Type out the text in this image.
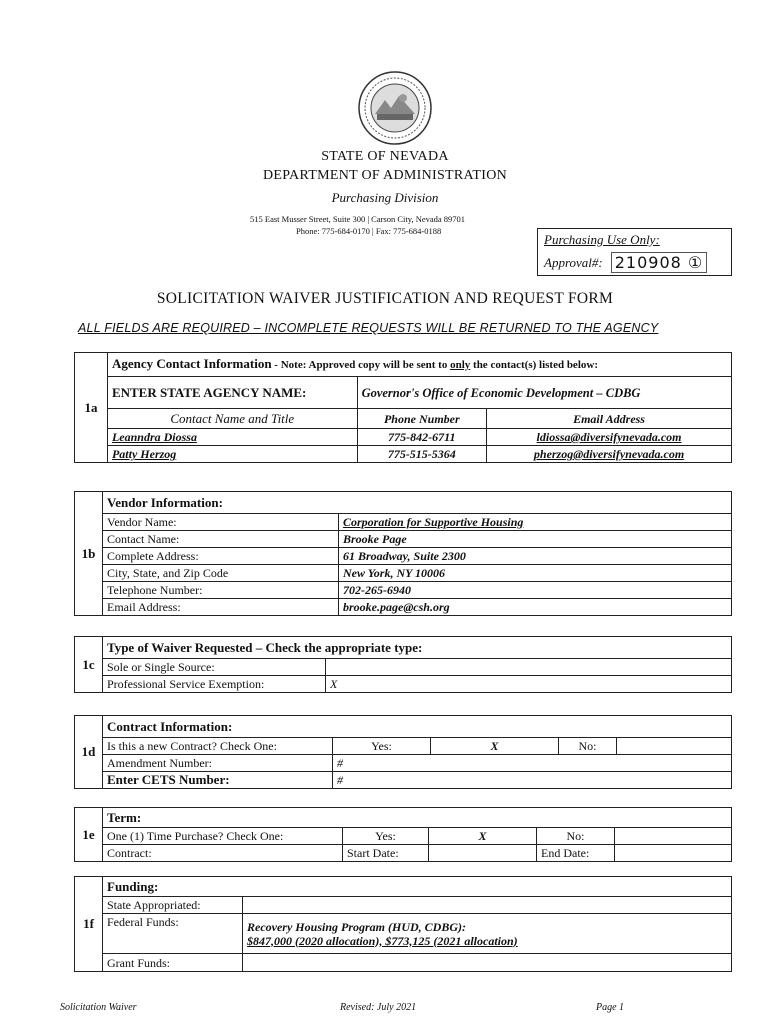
STATE OF NEVADA
DEPARTMENT OF ADMINISTRATION
Purchasing Division
515 East Musser Street, Suite 300 | Carson City, Nevada 89701
Phone: 775-684-0170 | Fax: 775-684-0188
Purchasing Use Only:
Approval#: 210908 ①
SOLICITATION WAIVER JUSTIFICATION AND REQUEST FORM
ALL FIELDS ARE REQUIRED – INCOMPLETE REQUESTS WILL BE RETURNED TO THE AGENCY
1a	Agency Contact Information - Note: Approved copy will be sent to only the contact(s) listed below:		
	ENTER STATE AGENCY NAME:	Governor's Office of Economic Development – CDBG	
	Contact Name and Title	Phone Number	Email Address
	Leanndra Diossa	775-842-6711	ldiossa@diversifynevada.com
	Patty Herzog	775-515-5364	pherzog@diversifynevada.com
1b	Vendor Information:	
	Vendor Name:	Corporation for Supportive Housing
	Contact Name:	Brooke Page
	Complete Address:	61 Broadway, Suite 2300
	City, State, and Zip Code	New York, NY 10006
	Telephone Number:	702-265-6940
	Email Address:	brooke.page@csh.org
1c	Type of Waiver Requested – Check the appropriate type:	
	Sole or Single Source:	
	Professional Service Exemption:	X
1d	Contract Information:				
	Is this a new Contract? Check One:	Yes:	X	No:	
	Amendment Number:	#			
	Enter CETS Number:	#			
1e	Term:				
	One (1) Time Purchase? Check One:	Yes:	X	No:	
	Contract:	Start Date:		End Date:	
1f	Funding:	
	State Appropriated:	
	Federal Funds:	Recovery Housing Program (HUD, CDBG):
$847,000 (2020 allocation), $773,125 (2021 allocation)

	Grant Funds:	
Solicitation Waiver	Revised: July 2021	Page 1
